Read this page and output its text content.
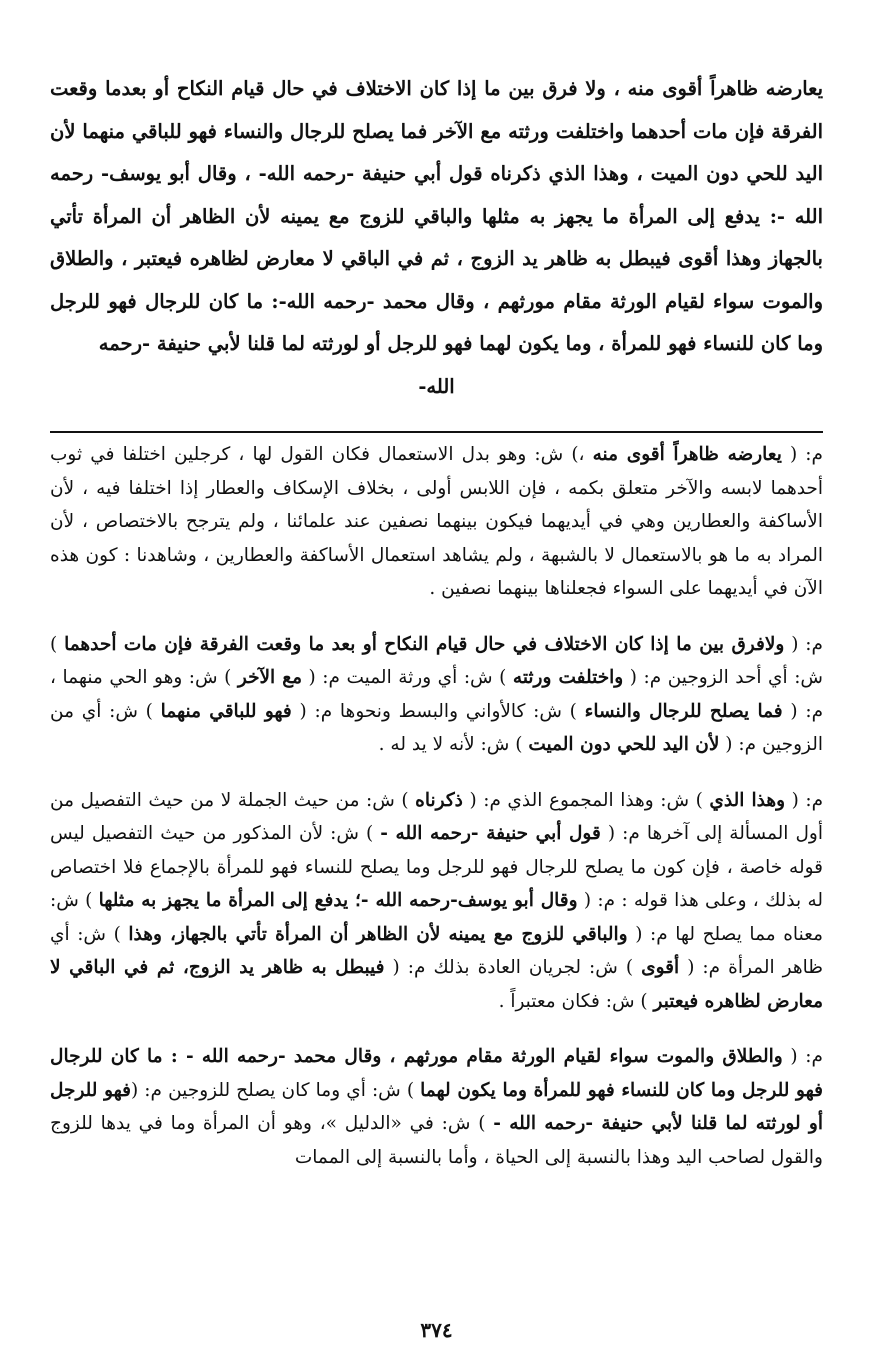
يعارضه ظاهراً أقوى منه ، ولا فرق بين ما إذا كان الاختلاف في حال قيام النكاح أو بعدما وقعت الفرقة فإن مات أحدهما واختلفت ورثته مع الآخر فما يصلح للرجال والنساء فهو للباقي منهما لأن اليد للحي دون الميت ، وهذا الذي ذكرناه قول أبي حنيفة -رحمه الله- ، وقال أبو يوسف- رحمه الله -: يدفع إلى المرأة ما يجهز به مثلها والباقي للزوج مع يمينه لأن الظاهر أن المرأة تأتي بالجهاز وهذا أقوى فيبطل به ظاهر يد الزوج ، ثم في الباقي لا معارض لظاهره فيعتبر ، والطلاق والموت سواء لقيام الورثة مقام مورثهم ، وقال محمد -رحمه الله-: ما كان للرجال فهو للرجل وما كان للنساء فهو للمرأة ، وما يكون لهما فهو للرجل أو لورثته لما قلنا لأبي حنيفة -رحمه
الله-

م: ( يعارضه ظاهراً أقوى منه ،) ش: وهو بدل الاستعمال فكان القول لها ، كرجلين اختلفا في ثوب أحدهما لابسه والآخر متعلق بكمه ، فإن اللابس أولى ، بخلاف الإسكاف والعطار إذا اختلفا فيه ، لأن الأساكفة والعطارين وهي في أيديهما فيكون بينهما نصفين عند علمائنا ، ولم يترجح بالاختصاص ، لأن المراد به ما هو بالاستعمال لا بالشبهة ، ولم يشاهد استعمال الأساكفة والعطارين ، وشاهدنا : كون هذه الآن في أيديهما على السواء فجعلناها بينهما نصفين .

م: ( ولافرق بين ما إذا كان الاختلاف في حال قيام النكاح أو بعد ما وقعت الفرقة فإن مات أحدهما ) ش: أي أحد الزوجين م: ( واختلفت ورثته ) ش: أي ورثة الميت م: ( مع الآخر ) ش: وهو الحي منهما ، م: ( فما يصلح للرجال والنساء ) ش: كالأواني والبسط ونحوها م: ( فهو للباقي منهما ) ش: أي من الزوجين م: ( لأن اليد للحي دون الميت ) ش: لأنه لا يد له .

م: ( وهذا الذي ) ش: وهذا المجموع الذي م: ( ذكرناه ) ش: من حيث الجملة لا من حيث التفصيل من أول المسألة إلى آخرها م: ( قول أبي حنيفة -رحمه الله - ) ش: لأن المذكور من حيث التفصيل ليس قوله خاصة ، فإن كون ما يصلح للرجال فهو للرجل وما يصلح للنساء فهو للمرأة بالإجماع فلا اختصاص له بذلك ، وعلى هذا قوله : م: ( وقال أبو يوسف-رحمه الله -؛ يدفع إلى المرأة ما يجهز به مثلها ) ش: معناه مما يصلح لها م: ( والباقي للزوج مع يمينه لأن الظاهر أن المرأة تأتي بالجهاز، وهذا ) ش: أي ظاهر المرأة م: ( أقوى ) ش: لجريان العادة بذلك م: ( فيبطل به ظاهر يد الزوج، ثم في الباقي لا معارض لظاهره فيعتبر ) ش: فكان معتبراً .

م: ( والطلاق والموت سواء لقيام الورثة مقام مورثهم ، وقال محمد -رحمه الله - : ما كان للرجال فهو للرجل وما كان للنساء فهو للمرأة وما يكون لهما ) ش: أي وما كان يصلح للزوجين م: (فهو للرجل أو لورثته لما قلنا لأبي حنيفة -رحمه الله - ) ش: في «الدليل »، وهو أن المرأة وما في يدها للزوج والقول لصاحب اليد وهذا بالنسبة إلى الحياة ، وأما بالنسبة إلى الممات

٣٧٤
